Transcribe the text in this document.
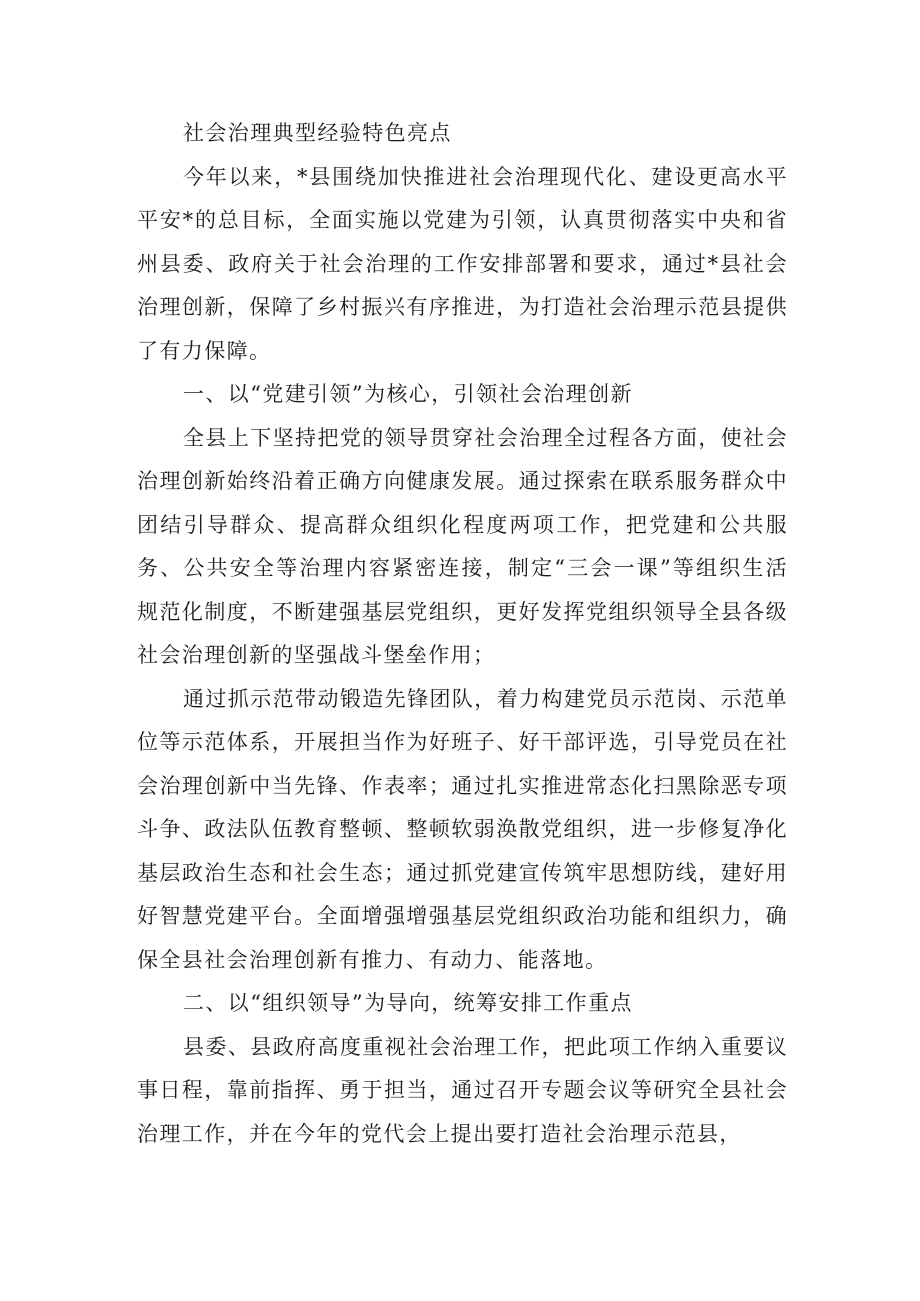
社会治理典型经验特色亮点

今年以来，*县围绕加快推进社会治理现代化、建设更高水平平安*的总目标，全面实施以党建为引领，认真贯彻落实中央和省州县委、政府关于社会治理的工作安排部署和要求，通过*县社会治理创新，保障了乡村振兴有序推进，为打造社会治理示范县提供了有力保障。

一、以“党建引领”为核心，引领社会治理创新

全县上下坚持把党的领导贯穿社会治理全过程各方面，使社会治理创新始终沿着正确方向健康发展。通过探索在联系服务群众中团结引导群众、提高群众组织化程度两项工作，把党建和公共服务、公共安全等治理内容紧密连接，制定“三会一课”等组织生活规范化制度，不断建强基层党组织，更好发挥党组织领导全县各级社会治理创新的坚强战斗堡垒作用；

通过抓示范带动锻造先锋团队，着力构建党员示范岗、示范单位等示范体系，开展担当作为好班子、好干部评选，引导党员在社会治理创新中当先锋、作表率；通过扎实推进常态化扫黑除恶专项斗争、政法队伍教育整顿、整顿软弱涣散党组织，进一步修复净化基层政治生态和社会生态；通过抓党建宣传筑牢思想防线，建好用好智慧党建平台。全面增强增强基层党组织政治功能和组织力，确保全县社会治理创新有推力、有动力、能落地。

二、以“组织领导”为导向，统筹安排工作重点

县委、县政府高度重视社会治理工作，把此项工作纳入重要议事日程，靠前指挥、勇于担当，通过召开专题会议等研究全县社会治理工作，并在今年的党代会上提出要打造社会治理示范县，
